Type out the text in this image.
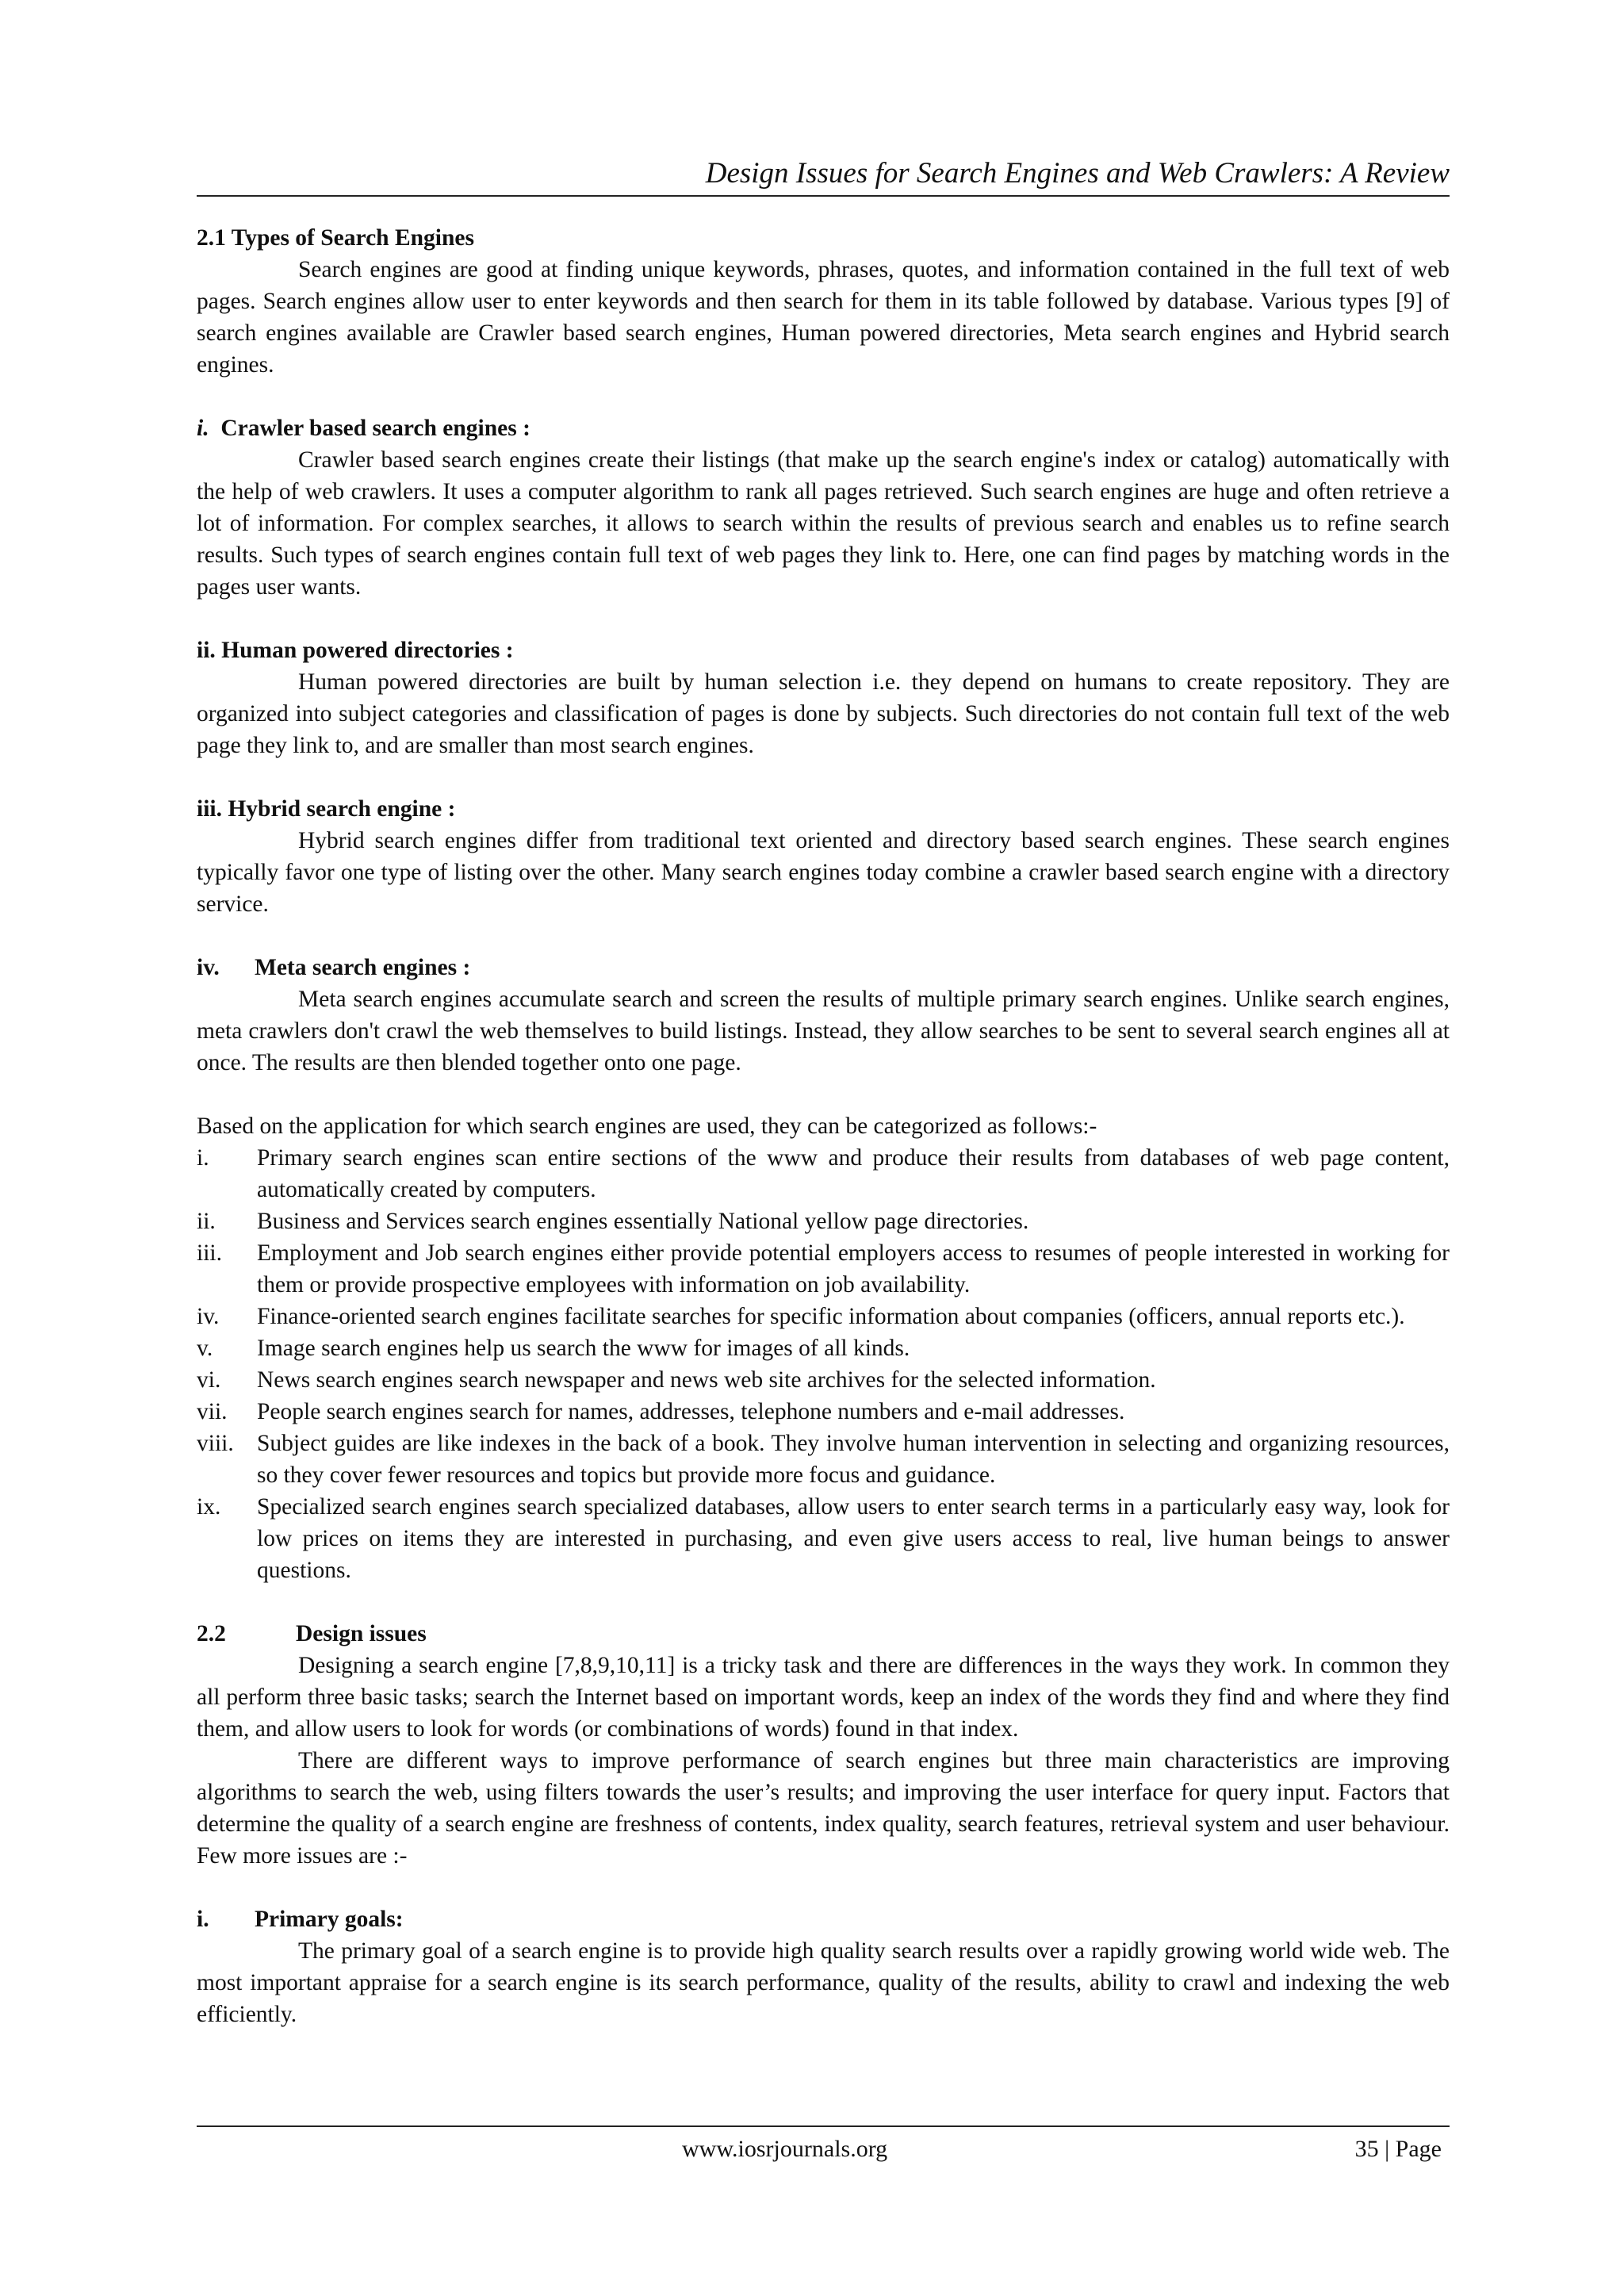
Design Issues for Search Engines and Web Crawlers: A Review

2.1 Types of Search Engines

Search engines are good at finding unique keywords, phrases, quotes, and information contained in the full text of web pages. Search engines allow user to enter keywords and then search for them in its table followed by database. Various types [9] of search engines available are Crawler based search engines, Human powered directories, Meta search engines and Hybrid search engines.

i. Crawler based search engines :

Crawler based search engines create their listings (that make up the search engine's index or catalog) automatically with the help of web crawlers. It uses a computer algorithm to rank all pages retrieved. Such search engines are huge and often retrieve a lot of information. For complex searches, it allows to search within the results of previous search and enables us to refine search results. Such types of search engines contain full text of web pages they link to. Here, one can find pages by matching words in the pages user wants.

ii. Human powered directories :

Human powered directories are built by human selection i.e. they depend on humans to create repository. They are organized into subject categories and classification of pages is done by subjects. Such directories do not contain full text of the web page they link to, and are smaller than most search engines.

iii. Hybrid search engine :

Hybrid search engines differ from traditional text oriented and directory based search engines. These search engines typically favor one type of listing over the other. Many search engines today combine a crawler based search engine with a directory service.

iv.	Meta search engines :

Meta search engines accumulate search and screen the results of multiple primary search engines. Unlike search engines, meta crawlers don't crawl the web themselves to build listings. Instead, they allow searches to be sent to several search engines all at once. The results are then blended together onto one page.

Based on the application for which search engines are used, they can be categorized as follows:-

i.	Primary search engines scan entire sections of the www and produce their results from databases of web page content, automatically created by computers.
ii.	Business and Services search engines essentially National yellow page directories.
iii.	Employment and Job search engines either provide potential employers access to resumes of people interested in working for them or provide prospective employees with information on job availability.
iv.	Finance-oriented search engines facilitate searches for specific information about companies (officers, annual reports etc.).
v.	Image search engines help us search the www for images of all kinds.
vi.	News search engines search newspaper and news web site archives for the selected information.
vii.	People search engines search for names, addresses, telephone numbers and e-mail addresses.
viii. Subject guides are like indexes in the back of a book. They involve human intervention in selecting and organizing resources, so they cover fewer resources and topics but provide more focus and guidance.
ix.	Specialized search engines search specialized databases, allow users to enter search terms in a particularly easy way, look for low prices on items they are interested in purchasing, and even give users access to real, live human beings to answer questions.
2.2	Design issues

Designing a search engine [7,8,9,10,11] is a tricky task and there are differences in the ways they work. In common they all perform three basic tasks; search the Internet based on important words, keep an index of the words they find and where they find them, and allow users to look for words (or combinations of words) found in that index.

There are different ways to improve performance of search engines but three main characteristics are improving algorithms to search the web, using filters towards the user’s results; and improving the user interface for query input. Factors that determine the quality of a search engine are freshness of contents, index quality, search features, retrieval system and user behaviour. Few more issues are :-

i.	Primary goals:

The primary goal of a search engine is to provide high quality search results over a rapidly growing world wide web. The most important appraise for a search engine is its search performance, quality of the results, ability to crawl and indexing the web efficiently.

www.iosrjournals.org	35 | Page
